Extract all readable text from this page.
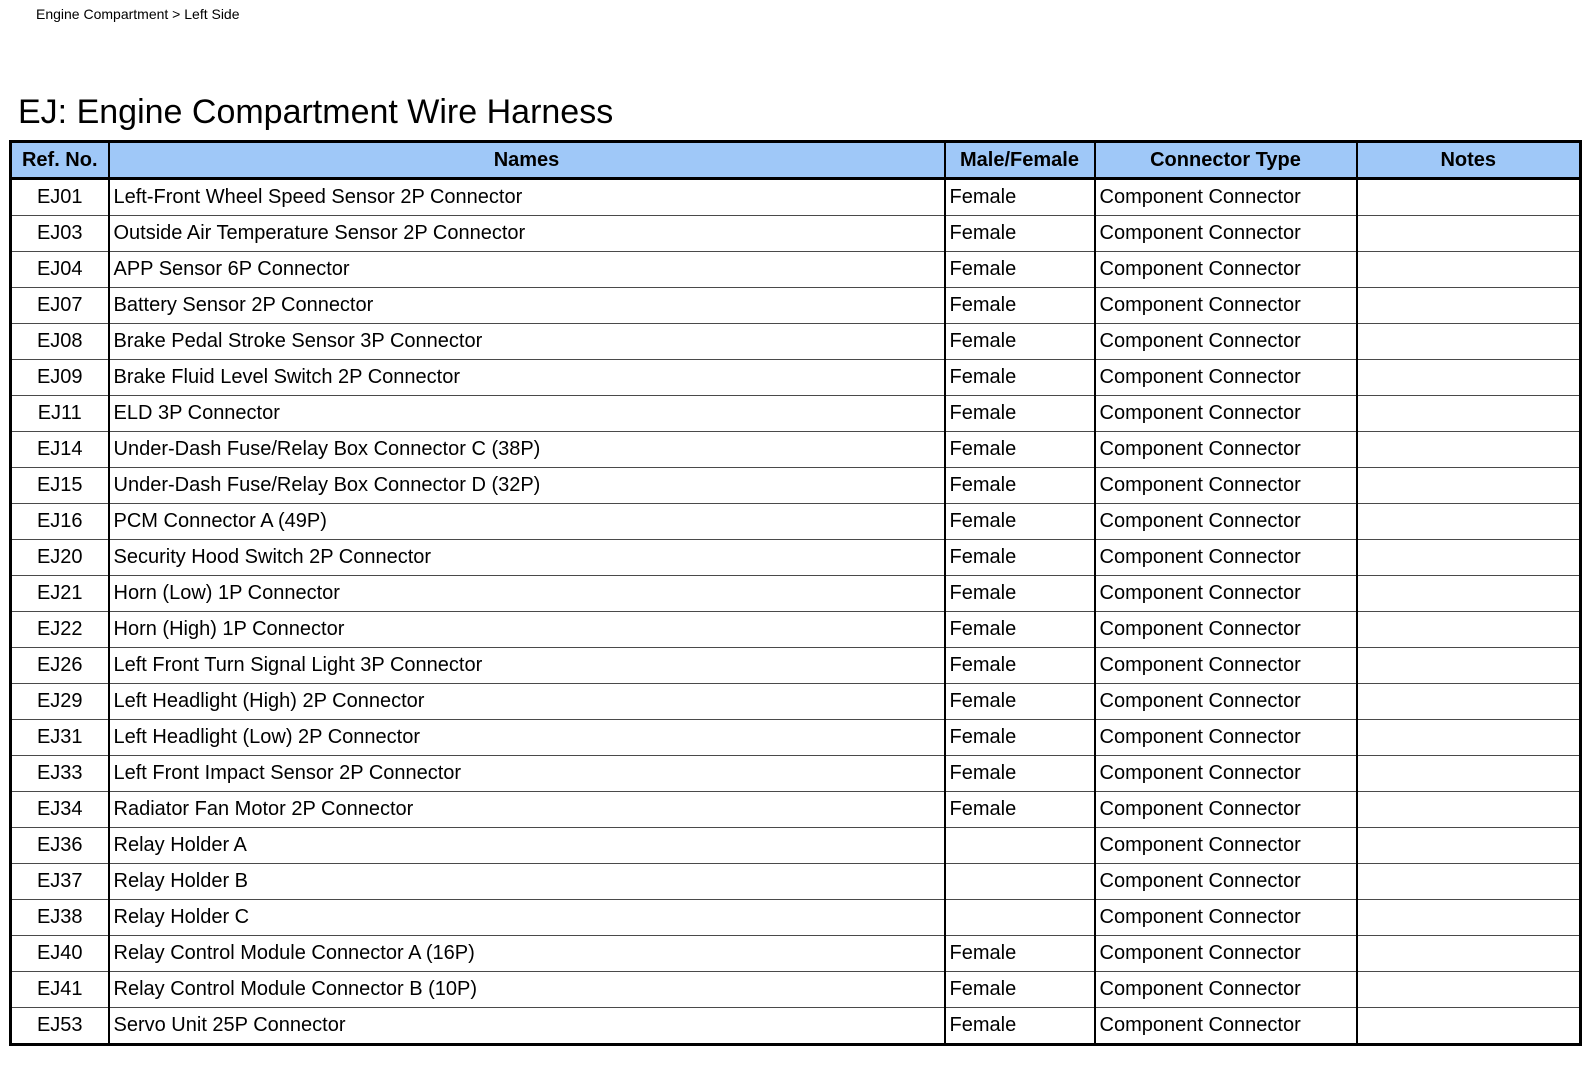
Engine Compartment > Left Side
EJ: Engine Compartment Wire Harness
Ref. No.	Names	Male/Female	Connector Type	Notes
EJ01	Left-Front Wheel Speed Sensor 2P Connector	Female	Component Connector	
EJ03	Outside Air Temperature Sensor 2P Connector	Female	Component Connector	
EJ04	APP Sensor 6P Connector	Female	Component Connector	
EJ07	Battery Sensor 2P Connector	Female	Component Connector	
EJ08	Brake Pedal Stroke Sensor 3P Connector	Female	Component Connector	
EJ09	Brake Fluid Level Switch 2P Connector	Female	Component Connector	
EJ11	ELD 3P Connector	Female	Component Connector	
EJ14	Under-Dash Fuse/Relay Box Connector C (38P)	Female	Component Connector	
EJ15	Under-Dash Fuse/Relay Box Connector D (32P)	Female	Component Connector	
EJ16	PCM Connector A (49P)	Female	Component Connector	
EJ20	Security Hood Switch 2P Connector	Female	Component Connector	
EJ21	Horn (Low) 1P Connector	Female	Component Connector	
EJ22	Horn (High) 1P Connector	Female	Component Connector	
EJ26	Left Front Turn Signal Light 3P Connector	Female	Component Connector	
EJ29	Left Headlight (High) 2P Connector	Female	Component Connector	
EJ31	Left Headlight (Low) 2P Connector	Female	Component Connector	
EJ33	Left Front Impact Sensor 2P Connector	Female	Component Connector	
EJ34	Radiator Fan Motor 2P Connector	Female	Component Connector	
EJ36	Relay Holder A		Component Connector	
EJ37	Relay Holder B		Component Connector	
EJ38	Relay Holder C		Component Connector	
EJ40	Relay Control Module Connector A (16P)	Female	Component Connector	
EJ41	Relay Control Module Connector B (10P)	Female	Component Connector	
EJ53	Servo Unit 25P Connector	Female	Component Connector	
